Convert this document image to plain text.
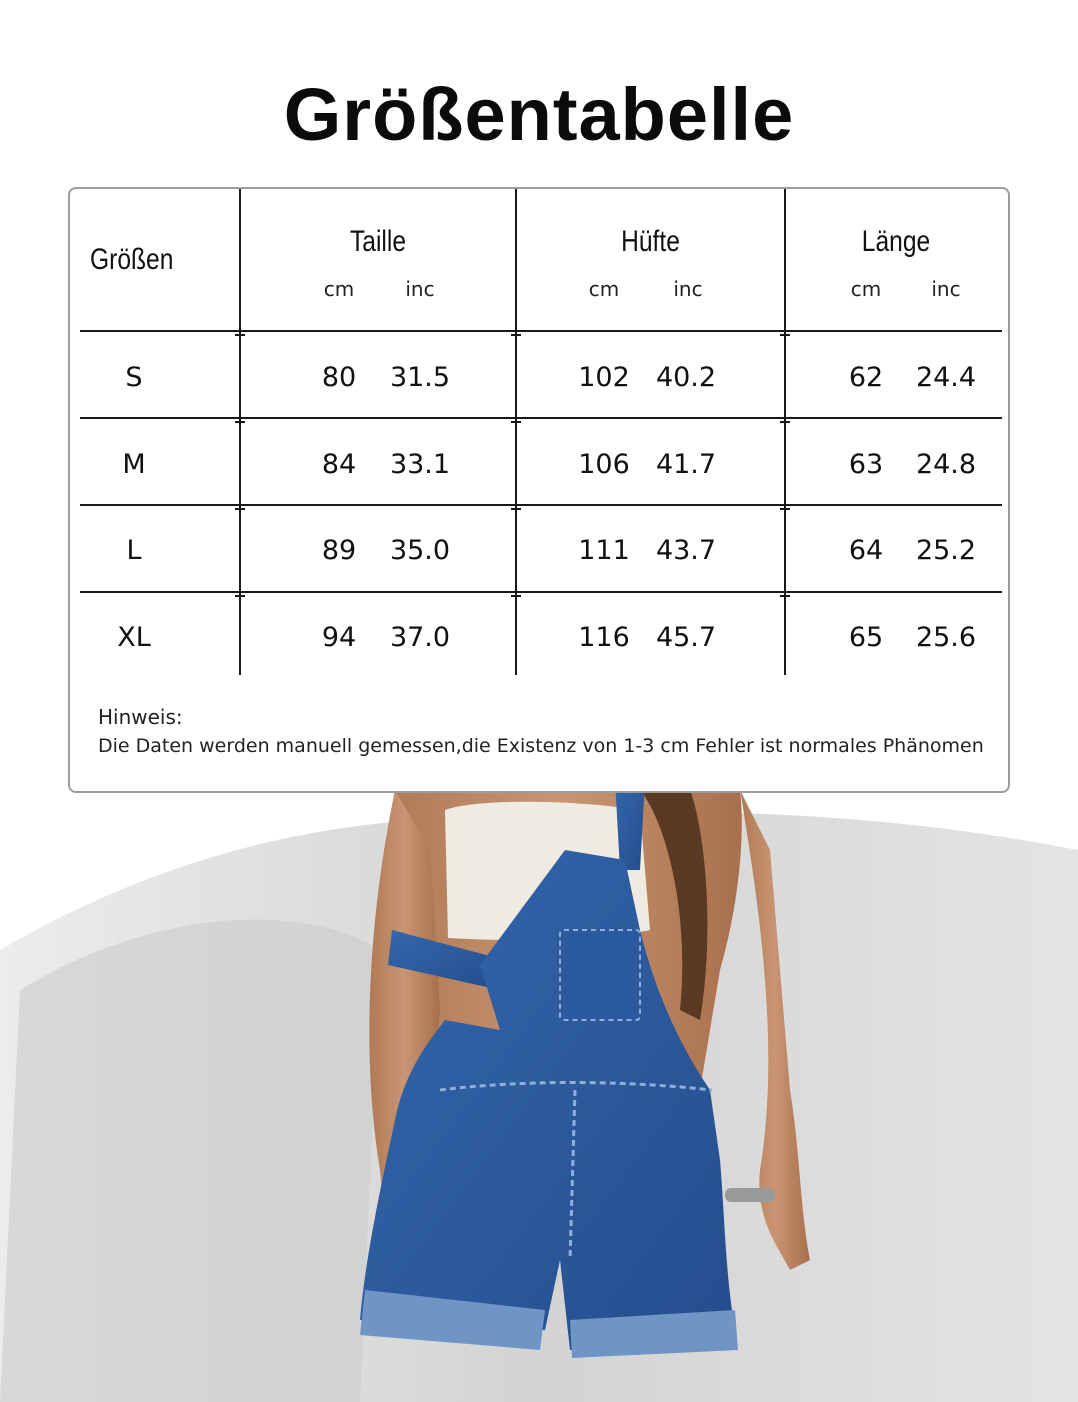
Größentabelle
Größen
Taille
cm	inc
Hüfte
cm	inc
Länge
cm	inc
S	80	31.5	102 40.2	62	24.4
M	84	33.1	106 41.7	63	24.8
L	89	35.0	111 43.7	64	25.2
XL	94	37.0	116 45.7	65	25.6
Hinweis:
Die Daten werden manuell gemessen,die Existenz von 1-3 cm Fehler ist normales Phänomen
